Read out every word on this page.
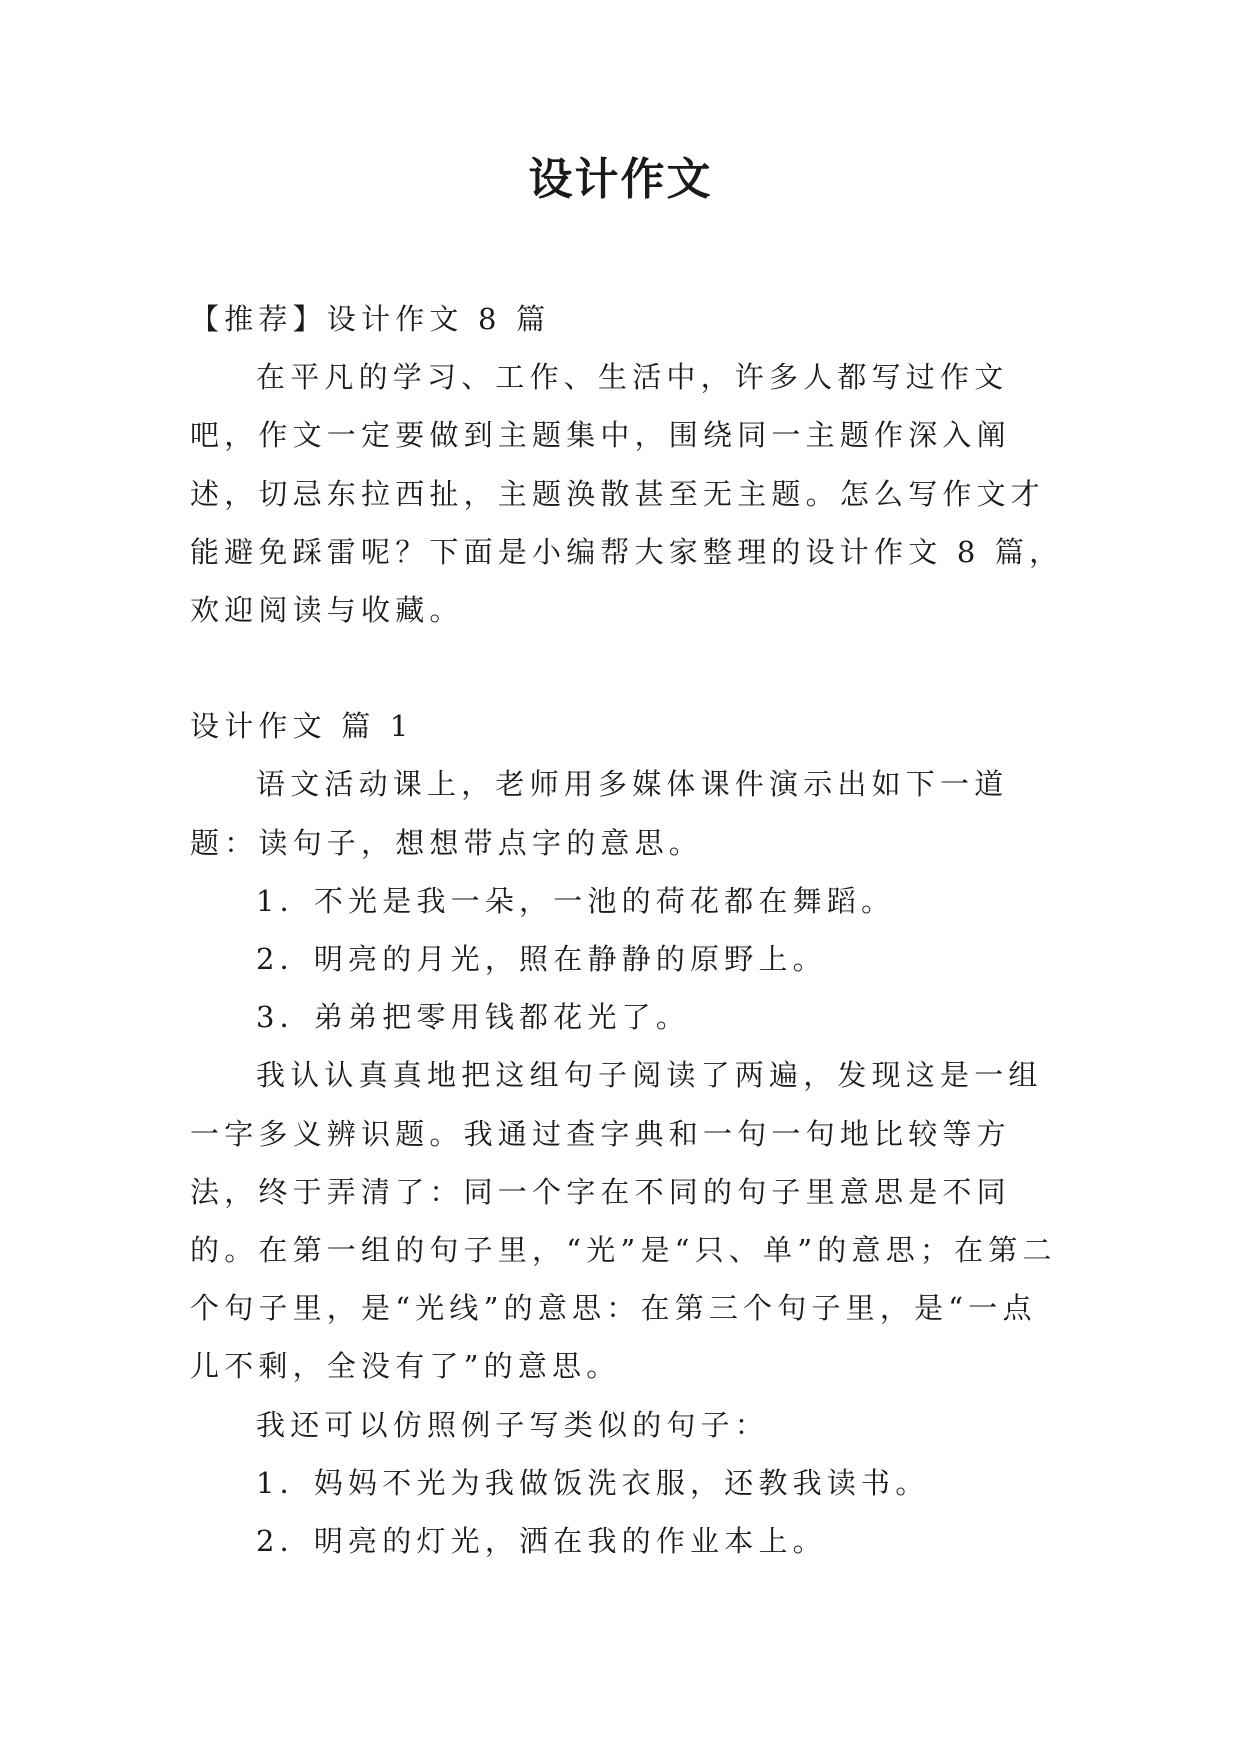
设计作文

【推荐】设计作文 8 篇

在平凡的学习、工作、生活中，许多人都写过作文吧，作文一定要做到主题集中，围绕同一主题作深入阐述，切忌东拉西扯，主题涣散甚至无主题。怎么写作文才能避免踩雷呢？下面是小编帮大家整理的设计作文 8 篇，欢迎阅读与收藏。

设计作文 篇 1

语文活动课上，老师用多媒体课件演示出如下一道题：读句子，想想带点字的意思。

1．不光是我一朵，一池的荷花都在舞蹈。

2．明亮的月光，照在静静的原野上。

3．弟弟把零用钱都花光了。

我认认真真地把这组句子阅读了两遍，发现这是一组一字多义辨识题。我通过查字典和一句一句地比较等方法，终于弄清了：同一个字在不同的句子里意思是不同的。在第一组的句子里，“光”是“只、单”的意思；在第二个句子里，是“光线”的意思：在第三个句子里，是“一点儿不剩，全没有了”的意思。

我还可以仿照例子写类似的句子：

1．妈妈不光为我做饭洗衣服，还教我读书。

2．明亮的灯光，洒在我的作业本上。
